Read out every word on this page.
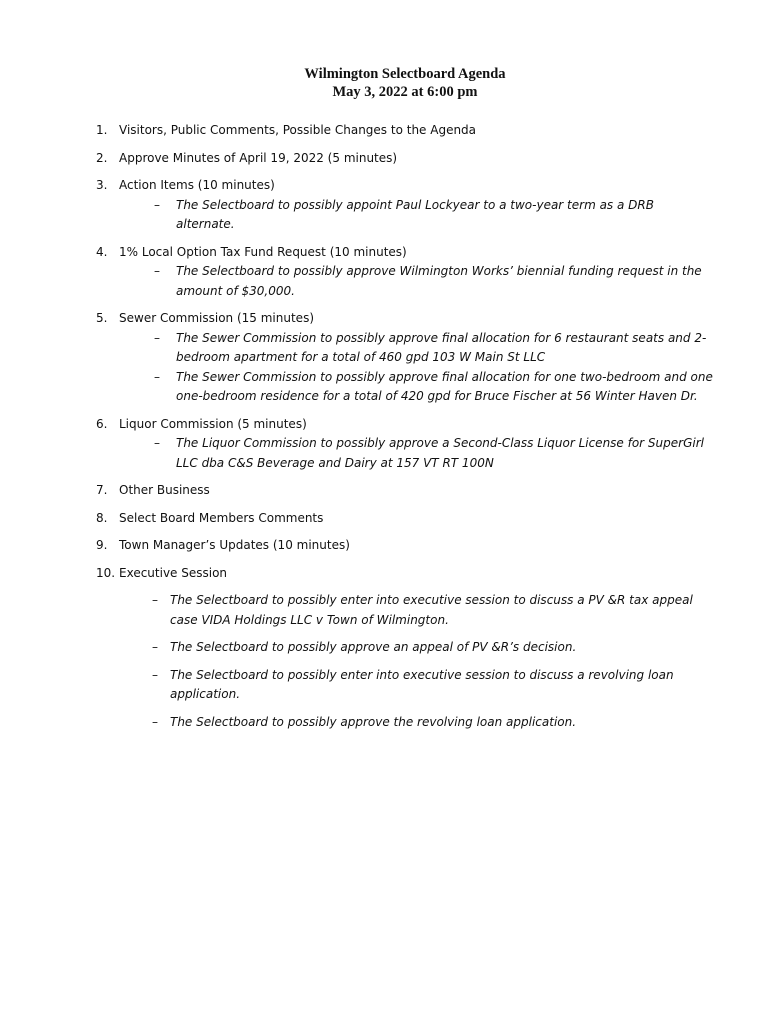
Wilmington Selectboard Agenda
May 3, 2022 at 6:00 pm
1. Visitors, Public Comments, Possible Changes to the Agenda
2. Approve Minutes of April 19, 2022 (5 minutes)
3. Action Items (10 minutes)
– The Selectboard to possibly appoint Paul Lockyear to a two-year term as a DRB alternate.
4. 1% Local Option Tax Fund Request (10 minutes)
– The Selectboard to possibly approve Wilmington Works’ biennial funding request in the amount of $30,000.
5. Sewer Commission (15 minutes)
– The Sewer Commission to possibly approve final allocation for 6 restaurant seats and 2-bedroom apartment for a total of 460 gpd 103 W Main St LLC
– The Sewer Commission to possibly approve final allocation for one two-bedroom and one one-bedroom residence for a total of 420 gpd for Bruce Fischer at 56 Winter Haven Dr.
6. Liquor Commission (5 minutes)
– The Liquor Commission to possibly approve a Second-Class Liquor License for SuperGirl LLC dba C&S Beverage and Dairy at 157 VT RT 100N
7. Other Business
8. Select Board Members Comments
9. Town Manager’s Updates (10 minutes)
10. Executive Session
– The Selectboard to possibly enter into executive session to discuss a PV &R tax appeal case VIDA Holdings LLC v Town of Wilmington.
– The Selectboard to possibly approve an appeal of PV &R’s decision.
– The Selectboard to possibly enter into executive session to discuss a revolving loan application.
– The Selectboard to possibly approve the revolving loan application.
